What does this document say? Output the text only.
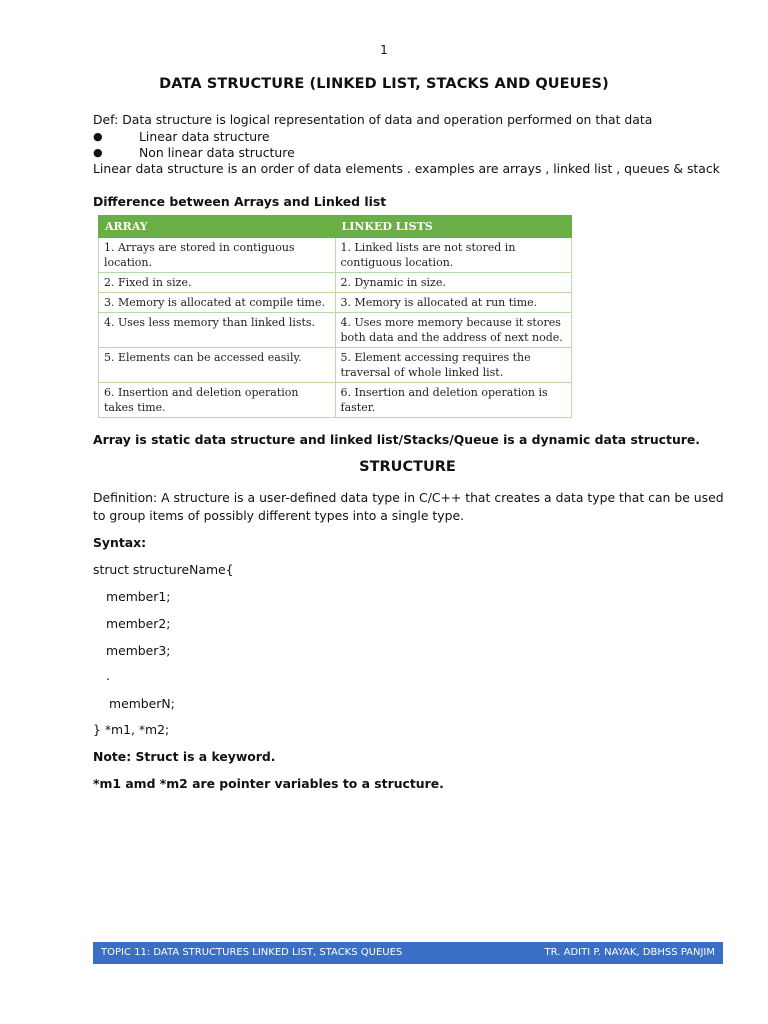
1
DATA STRUCTURE (LINKED LIST, STACKS AND QUEUES)
Def: Data structure is logical representation of data and operation performed on that data
●
Linear data structure
●
Non linear data structure
Linear data structure is an order of data elements . examples are arrays , linked list , queues & stack
Difference between Arrays and Linked list
ARRAY	LINKED LISTS
1. Arrays are stored in contiguous location.	1. Linked lists are not stored in contiguous location.
2. Fixed in size.	2. Dynamic in size.
3. Memory is allocated at compile time.	3. Memory is allocated at run time.
4. Uses less memory than linked lists.	4. Uses more memory because it stores both data and the address of next node.
5. Elements can be accessed easily.	5. Element accessing requires the traversal of whole linked list.
6. Insertion and deletion operation takes time.	6. Insertion and deletion operation is faster.
Array is static data structure and linked list/Stacks/Queue is a dynamic data structure.
STRUCTURE
Definition: A structure is a user-defined data type in C/C++ that creates a data type that can be used to group items of possibly different types into a single type.
Syntax:
struct structureName{
member1;
member2;
member3;
.
memberN;
} *m1, *m2;
Note: Struct is a keyword.
*m1 amd *m2 are pointer variables to a structure.
TOPIC 11: DATA STRUCTURES LINKED LIST, STACKS QUEUES	TR. ADITI P. NAYAK, DBHSS PANJIM
